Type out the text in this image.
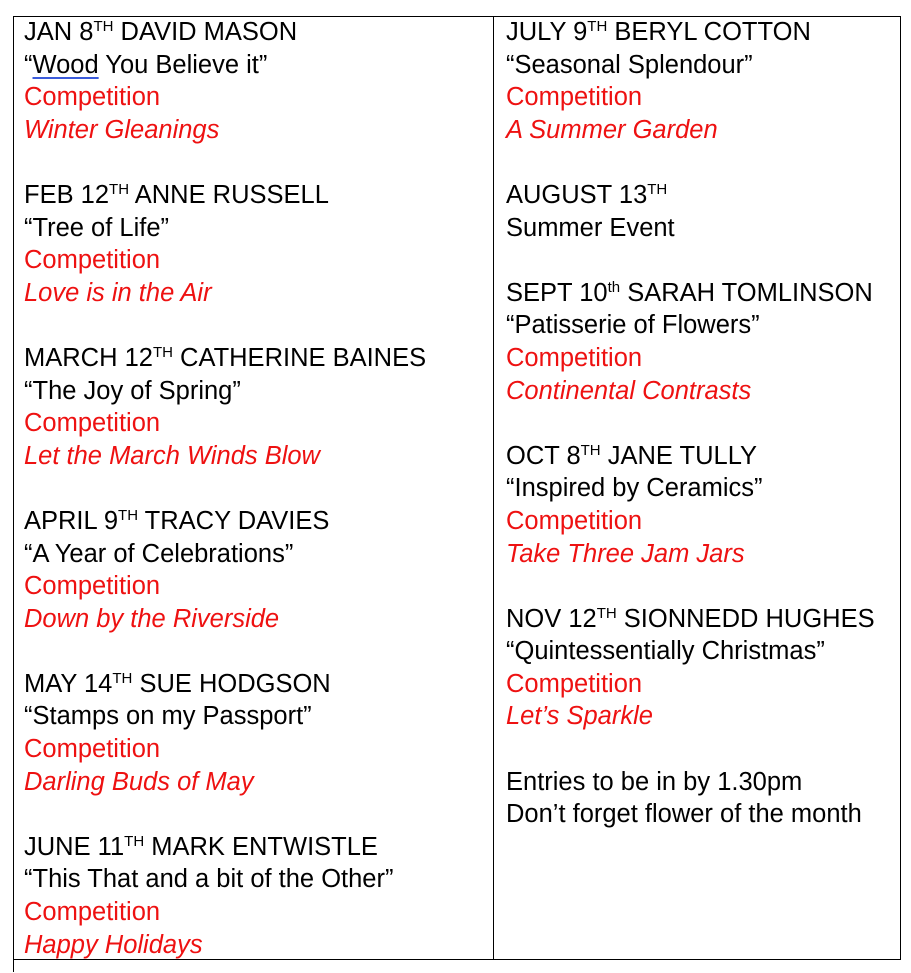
JAN 8TH DAVID MASON
“Wood You Believe it”
Competition
Winter Gleanings
FEB 12TH ANNE RUSSELL
“Tree of Life”
Competition
Love is in the Air
MARCH 12TH CATHERINE BAINES
“The Joy of Spring”
Competition
Let the March Winds Blow
APRIL 9TH TRACY DAVIES
“A Year of Celebrations”
Competition
Down by the Riverside
MAY 14TH SUE HODGSON
“Stamps on my Passport”
Competition
Darling Buds of May
JUNE 11TH MARK ENTWISTLE
“This That and a bit of the Other”
Competition
Happy Holidays
JULY 9TH BERYL COTTON
“Seasonal Splendour”
Competition
A Summer Garden
AUGUST 13TH
Summer Event
SEPT 10th SARAH TOMLINSON
“Patisserie of Flowers”
Competition
Continental Contrasts
OCT 8TH JANE TULLY
“Inspired by Ceramics”
Competition
Take Three Jam Jars
NOV 12TH SIONNEDD HUGHES
“Quintessentially Christmas”
Competition
Let’s Sparkle
Entries to be in by 1.30pm
Don’t forget flower of the month
